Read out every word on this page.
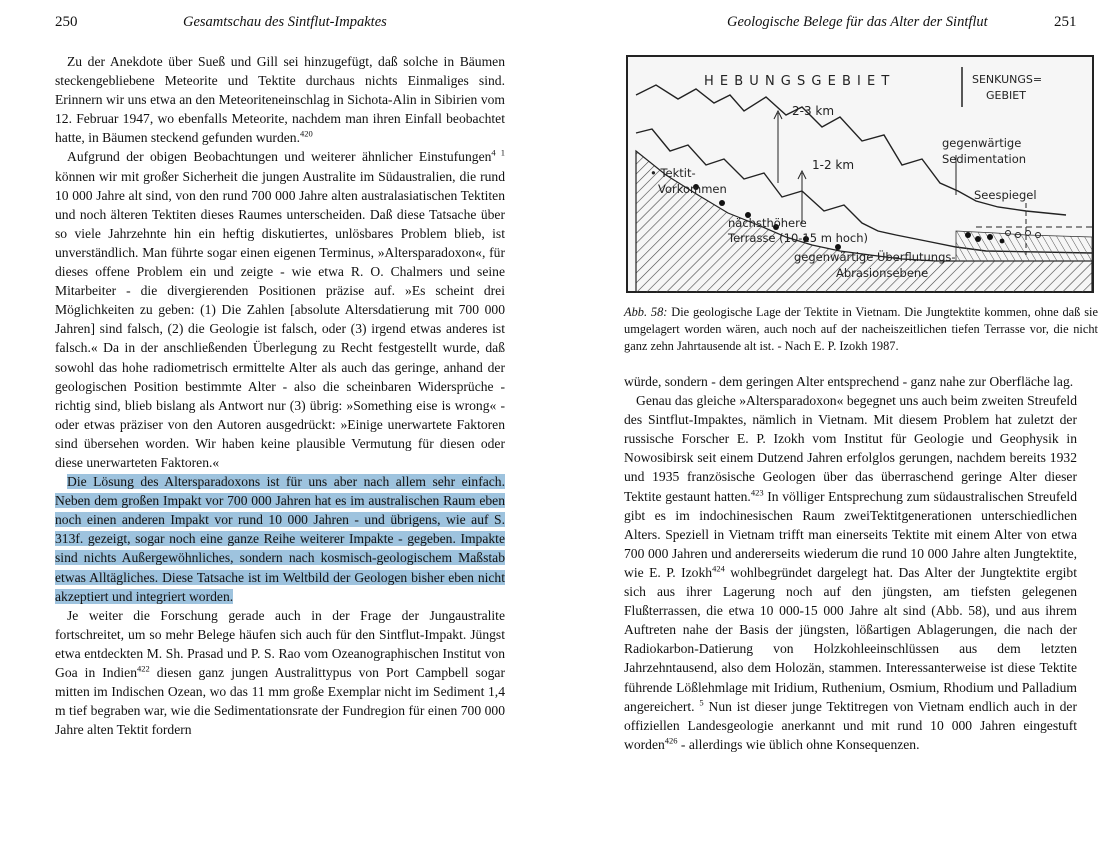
250	Gesamtschau des Sintflut-Impaktes

Zu der Anekdote über Sueß und Gill sei hinzugefügt, daß solche in Bäumen steckengebliebene Meteorite und Tektite durchaus nichts Einmaliges sind. Erinnern wir uns etwa an den Meteoriteneinschlag in Sichota-Alin in Sibirien vom 12. Februar 1947, wo ebenfalls Meteorite, nachdem man ihren Einfall beobachtet hatte, in Bäumen steckend gefunden wurden.$^{420}$

Aufgrund der obigen Beobachtungen und weiterer ähnlicher Einstufungen$^{4 1}$ können wir mit großer Sicherheit die jungen Australite im Südaustralien, die rund 10 000 Jahre alt sind, von den rund 700 000 Jahre alten australasiatischen Tektiten und noch älteren Tektiten dieses Raumes unterscheiden. Daß diese Tatsache über so viele Jahrzehnte hin ein heftig diskutiertes, unlösbares Problem blieb, ist unverständlich. Man führte sogar einen eigenen Terminus, »Altersparadoxon«, für dieses offene Problem ein und zeigte - wie etwa R. O. Chalmers und seine Mitarbeiter - die divergierenden Positionen präzise auf. »Es scheint drei Möglichkeiten zu geben: (1) Die Zahlen [absolute Altersdatierung mit 700 000 Jahren] sind falsch, (2) die Geologie ist falsch, oder (3) irgend etwas anderes ist falsch.« Da in der anschließenden Überlegung zu Recht festgestellt wurde, daß sowohl das hohe radiometrisch ermittelte Alter als auch das geringe, anhand der geologischen Position bestimmte Alter - also die scheinbaren Widersprüche - richtig sind, blieb bislang als Antwort nur (3) übrig: »Something eise is wrong« - oder etwas präziser von den Autoren ausgedrückt: »Einige unerwartete Faktoren sind übersehen worden. Wir haben keine plausible Vermutung für diesen oder diese unerwarteten Faktoren.«

Die Lösung des Altersparadoxons ist für uns aber nach allem sehr einfach. Neben dem großen Impakt vor 700 000 Jahren hat es im australischen Raum eben noch einen anderen Impakt vor rund 10 000 Jahren - und übrigens, wie auf S. 313f. gezeigt, sogar noch eine ganze Reihe weiterer Impakte - gegeben. Impakte sind nichts Außergewöhnliches, sondern nach kosmisch-geologischem Maßstab etwas Alltägliches. Diese Tatsache ist im Weltbild der Geologen bisher eben nicht akzeptiert und integriert worden.

Je weiter die Forschung gerade auch in der Frage der Jungaustralite fortschreitet, um so mehr Belege häufen sich auch für den Sintflut-Impakt. Jüngst etwa entdeckten M. Sh. Prasad und P. S. Rao vom Ozeanographischen Institut von Goa in Indien$^{422}$ diesen ganz jungen Australittypus von Port Campbell sogar mitten im Indischen Ozean, wo das 11 mm große Exemplar nicht im Sediment 1,4 m tief begraben war, wie die Sedimentationsrate der Fundregion für einen 700 000 Jahre alten Tektit fordern

Geologische Belege für das Alter der Sintflut	251
H E B U N G S G E B I E T	SENKUNGS=
GEBIET
2-3 km
1-2 km
gegenwärtige
Sedimentation
• Tektit-
Vorkommen	Seespiegel
nächsthöhere
Terrasse (10-15 m hoch)
gegenwärtige Überflutungs-
Abrasionsebene
Abb. 58: Die geologische Lage der Tektite in Vietnam. Die Jungtektite kommen, ohne daß sie umgelagert worden wären, auch noch auf der nacheiszeitlichen tiefen Terrasse vor, die nicht ganz zehn Jahrtausende alt ist. - Nach E. P. Izokh 1987.

würde, sondern - dem geringen Alter entsprechend - ganz nahe zur Oberfläche lag.

Genau das gleiche »Altersparadoxon« begegnet uns auch beim zweiten Streufeld des Sintflut-Impaktes, nämlich in Vietnam. Mit diesem Problem hat zuletzt der russische Forscher E. P. Izokh vom Institut für Geologie und Geophysik in Nowosibirsk seit einem Dutzend Jahren erfolglos gerungen, nachdem bereits 1932 und 1935 französische Geologen über das überraschend geringe Alter dieser Tektite gestaunt hatten.$^{423}$ In völliger Entsprechung zum südaustralischen Streufeld gibt es im indochinesischen Raum zweiTektitgenerationen unterschiedlichen Alters. Speziell in Vietnam trifft man einerseits Tektite mit einem Alter von etwa 700 000 Jahren und andererseits wiederum die rund 10 000 Jahre alten Jungtektite, wie E. P. Izokh$^{424}$ wohlbegründet dargelegt hat. Das Alter der Jungtektite ergibt sich aus ihrer Lagerung noch auf den jüngsten, am tiefsten gelegenen Flußterrassen, die etwa 10 000-15 000 Jahre alt sind (Abb. 58), und aus ihrem Auftreten nahe der Basis der jüngsten, lößartigen Ablagerungen, die nach der Radiokarbon-Datierung von Holzkohleeinschlüssen aus dem letzten Jahrzehntausend, also dem Holozän, stammen. Interessanterweise ist diese Tektite führende Lößlehmlage mit Iridium, Ruthenium, Osmium, Rhodium und Palladium angereichert. $^5$ Nun ist dieser junge Tektitregen von Vietnam endlich auch in der offiziellen Landesgeologie anerkannt und mit rund 10 000 Jahren eingestuft worden$^{426}$ - allerdings wie üblich ohne Konsequenzen.
